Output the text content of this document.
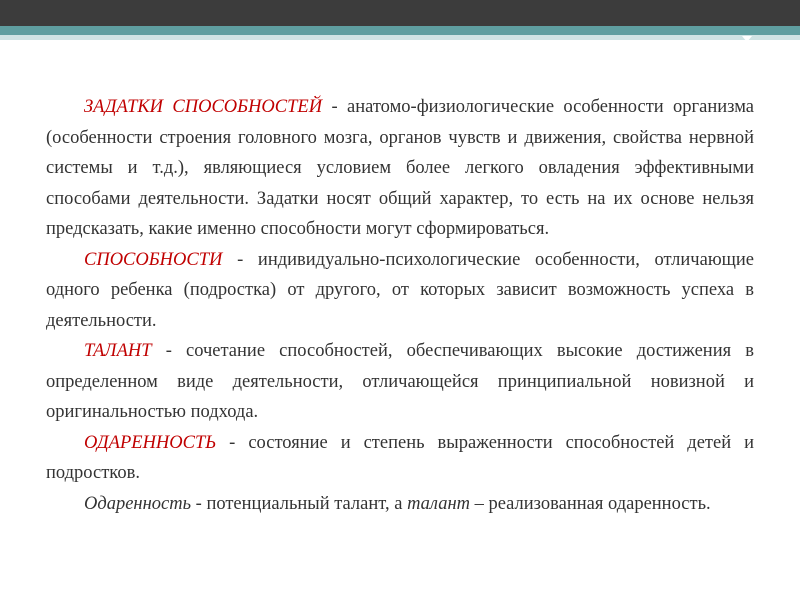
ЗАДАТКИ СПОСОБНОСТЕЙ - анатомо-физиологические особенности организма (особенности строения головного мозга, органов чувств и движения, свойства нервной системы и т.д.), являющиеся условием более легкого овладения эффективными способами деятельности. Задатки носят общий характер, то есть на их основе нельзя предсказать, какие именно способности могут сформироваться.

СПОСОБНОСТИ - индивидуально-психологические особенности, отличающие одного ребенка (подростка) от другого, от которых зависит возможность успеха в деятельности.

ТАЛАНТ - сочетание способностей, обеспечивающих высокие достижения в определенном виде деятельности, отличающейся принципиальной новизной и оригинальностью подхода.

ОДАРЕННОСТЬ - состояние и степень выраженности способностей детей и подростков.

Одаренность - потенциальный талант, а талант – реализованная одаренность.
